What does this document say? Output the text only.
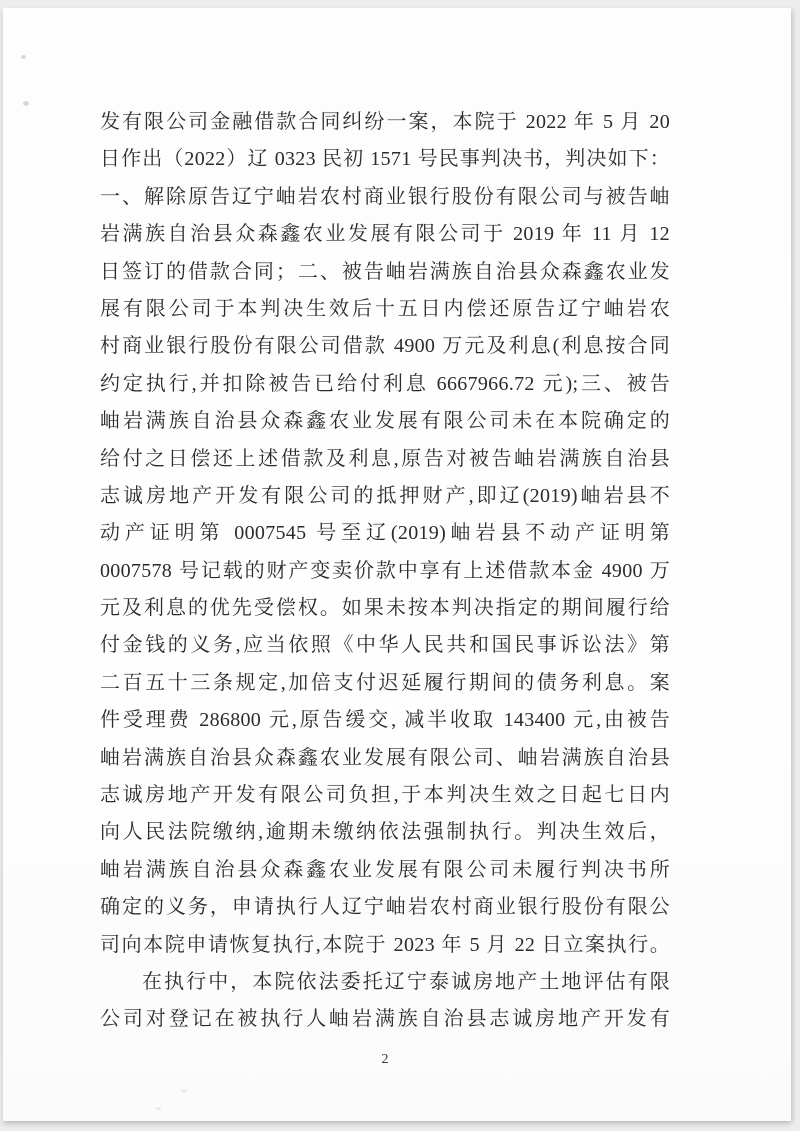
发有限公司金融借款合同纠纷一案，本院于 2022 年 5 月 20
日作出（2022）辽 0323 民初 1571 号民事判决书，判决如下：
一、解除原告辽宁岫岩农村商业银行股份有限公司与被告岫
岩满族自治县众森鑫农业发展有限公司于 2019 年 11 月 12
日签订的借款合同；二、被告岫岩满族自治县众森鑫农业发
展有限公司于本判决生效后十五日内偿还原告辽宁岫岩农
村商业银行股份有限公司借款 4900 万元及利息(利息按合同
约定执行,并扣除被告已给付利息 6667966.72 元);三、被告
岫岩满族自治县众森鑫农业发展有限公司未在本院确定的
给付之日偿还上述借款及利息,原告对被告岫岩满族自治县
志诚房地产开发有限公司的抵押财产,即辽(2019)岫岩县不
动产证明第 0007545 号至辽(2019)岫岩县不动产证明第
0007578 号记载的财产变卖价款中享有上述借款本金 4900 万
元及利息的优先受偿权。如果未按本判决指定的期间履行给
付金钱的义务,应当依照《中华人民共和国民事诉讼法》第
二百五十三条规定,加倍支付迟延履行期间的债务利息。案
件受理费 286800 元,原告缓交, 减半收取 143400 元,由被告
岫岩满族自治县众森鑫农业发展有限公司、岫岩满族自治县
志诚房地产开发有限公司负担,于本判决生效之日起七日内
向人民法院缴纳,逾期未缴纳依法强制执行。判决生效后，
岫岩满族自治县众森鑫农业发展有限公司未履行判决书所
确定的义务，申请执行人辽宁岫岩农村商业银行股份有限公
司向本院申请恢复执行,本院于 2023 年 5 月 22 日立案执行。
在执行中，本院依法委托辽宁泰诚房地产土地评估有限
公司对登记在被执行人岫岩满族自治县志诚房地产开发有
2
